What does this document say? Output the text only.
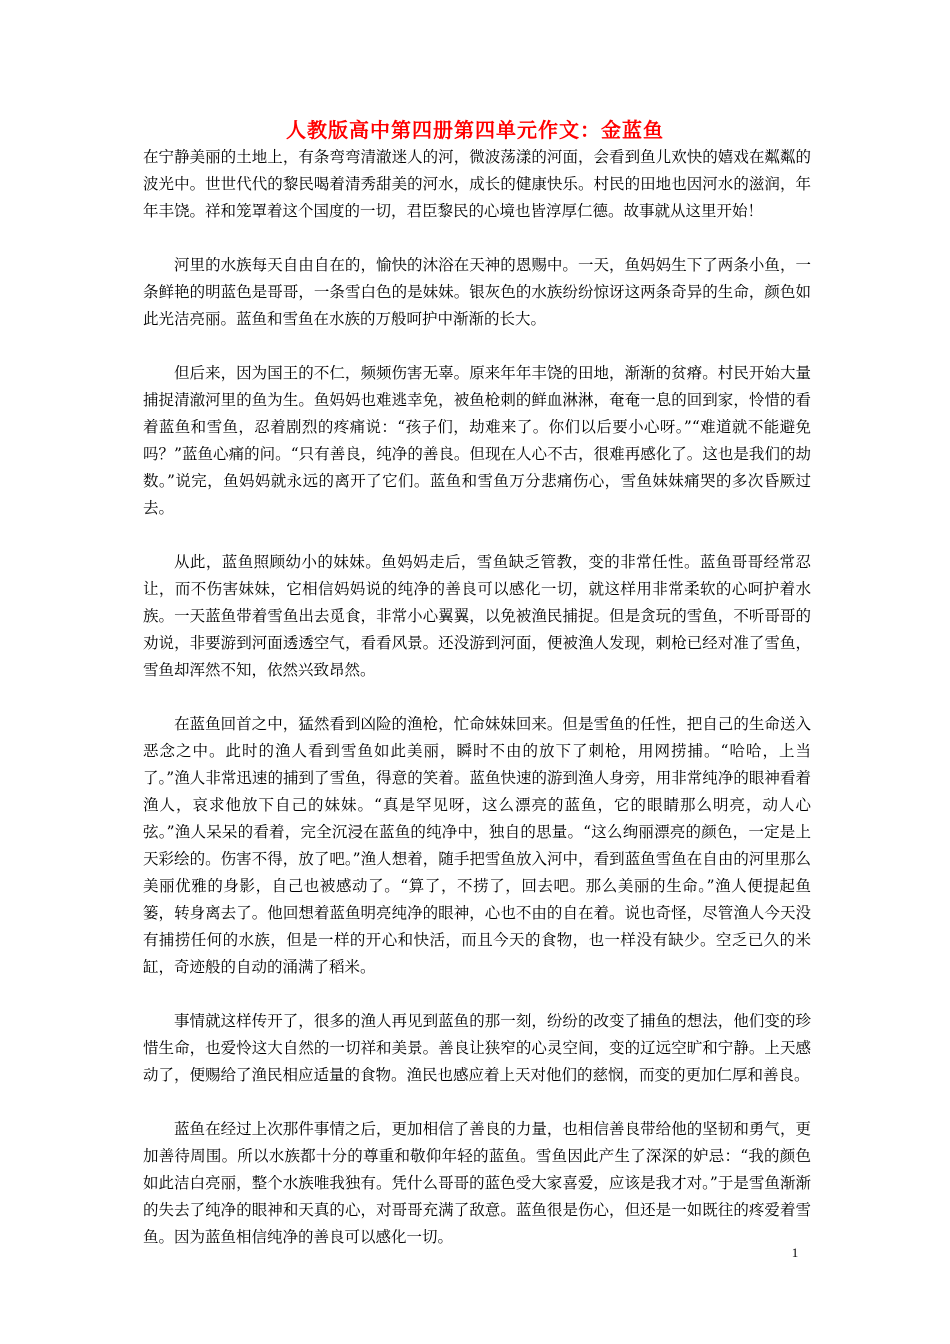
人教版高中第四册第四单元作文：金蓝鱼

在宁静美丽的土地上，有条弯弯清澈迷人的河，微波荡漾的河面，会看到鱼儿欢快的嬉戏在粼粼的波光中。世世代代的黎民喝着清秀甜美的河水，成长的健康快乐。村民的田地也因河水的滋润，年年丰饶。祥和笼罩着这个国度的一切，君臣黎民的心境也皆淳厚仁德。故事就从这里开始！

河里的水族每天自由自在的，愉快的沐浴在天神的恩赐中。一天，鱼妈妈生下了两条小鱼，一条鲜艳的明蓝色是哥哥，一条雪白色的是妹妹。银灰色的水族纷纷惊讶这两条奇异的生命，颜色如此光洁亮丽。蓝鱼和雪鱼在水族的万般呵护中渐渐的长大。

但后来，因为国王的不仁，频频伤害无辜。原来年年丰饶的田地，渐渐的贫瘠。村民开始大量捕捉清澈河里的鱼为生。鱼妈妈也难逃幸免，被鱼枪刺的鲜血淋淋，奄奄一息的回到家，怜惜的看着蓝鱼和雪鱼，忍着剧烈的疼痛说：“孩子们，劫难来了。你们以后要小心呀。”“难道就不能避免吗？”蓝鱼心痛的问。“只有善良，纯净的善良。但现在人心不古，很难再感化了。这也是我们的劫数。”说完，鱼妈妈就永远的离开了它们。蓝鱼和雪鱼万分悲痛伤心，雪鱼妹妹痛哭的多次昏厥过去。

从此，蓝鱼照顾幼小的妹妹。鱼妈妈走后，雪鱼缺乏管教，变的非常任性。蓝鱼哥哥经常忍让，而不伤害妹妹，它相信妈妈说的纯净的善良可以感化一切，就这样用非常柔软的心呵护着水族。一天蓝鱼带着雪鱼出去觅食，非常小心翼翼，以免被渔民捕捉。但是贪玩的雪鱼，不听哥哥的劝说，非要游到河面透透空气，看看风景。还没游到河面，便被渔人发现，刺枪已经对准了雪鱼，雪鱼却浑然不知，依然兴致昂然。

在蓝鱼回首之中，猛然看到凶险的渔枪，忙命妹妹回来。但是雪鱼的任性，把自己的生命送入恶念之中。此时的渔人看到雪鱼如此美丽，瞬时不由的放下了刺枪，用网捞捕。“哈哈，上当了。”渔人非常迅速的捕到了雪鱼，得意的笑着。蓝鱼快速的游到渔人身旁，用非常纯净的眼神看着渔人，哀求他放下自己的妹妹。“真是罕见呀，这么漂亮的蓝鱼，它的眼睛那么明亮，动人心弦。”渔人呆呆的看着，完全沉浸在蓝鱼的纯净中，独自的思量。“这么绚丽漂亮的颜色，一定是上天彩绘的。伤害不得，放了吧。”渔人想着，随手把雪鱼放入河中，看到蓝鱼雪鱼在自由的河里那么美丽优雅的身影，自己也被感动了。“算了，不捞了，回去吧。那么美丽的生命。”渔人便提起鱼篓，转身离去了。他回想着蓝鱼明亮纯净的眼神，心也不由的自在着。说也奇怪，尽管渔人今天没有捕捞任何的水族，但是一样的开心和快活，而且今天的食物，也一样没有缺少。空乏已久的米缸，奇迹般的自动的涌满了稻米。

事情就这样传开了，很多的渔人再见到蓝鱼的那一刻，纷纷的改变了捕鱼的想法，他们变的珍惜生命，也爱怜这大自然的一切祥和美景。善良让狭窄的心灵空间，变的辽远空旷和宁静。上天感动了，便赐给了渔民相应适量的食物。渔民也感应着上天对他们的慈悯，而变的更加仁厚和善良。

蓝鱼在经过上次那件事情之后，更加相信了善良的力量，也相信善良带给他的坚韧和勇气，更加善待周围。所以水族都十分的尊重和敬仰年轻的蓝鱼。雪鱼因此产生了深深的妒忌：“我的颜色如此洁白亮丽，整个水族唯我独有。凭什么哥哥的蓝色受大家喜爱，应该是我才对。”于是雪鱼渐渐的失去了纯净的眼神和天真的心，对哥哥充满了敌意。蓝鱼很是伤心，但还是一如既往的疼爱着雪鱼。因为蓝鱼相信纯净的善良可以感化一切。

1
